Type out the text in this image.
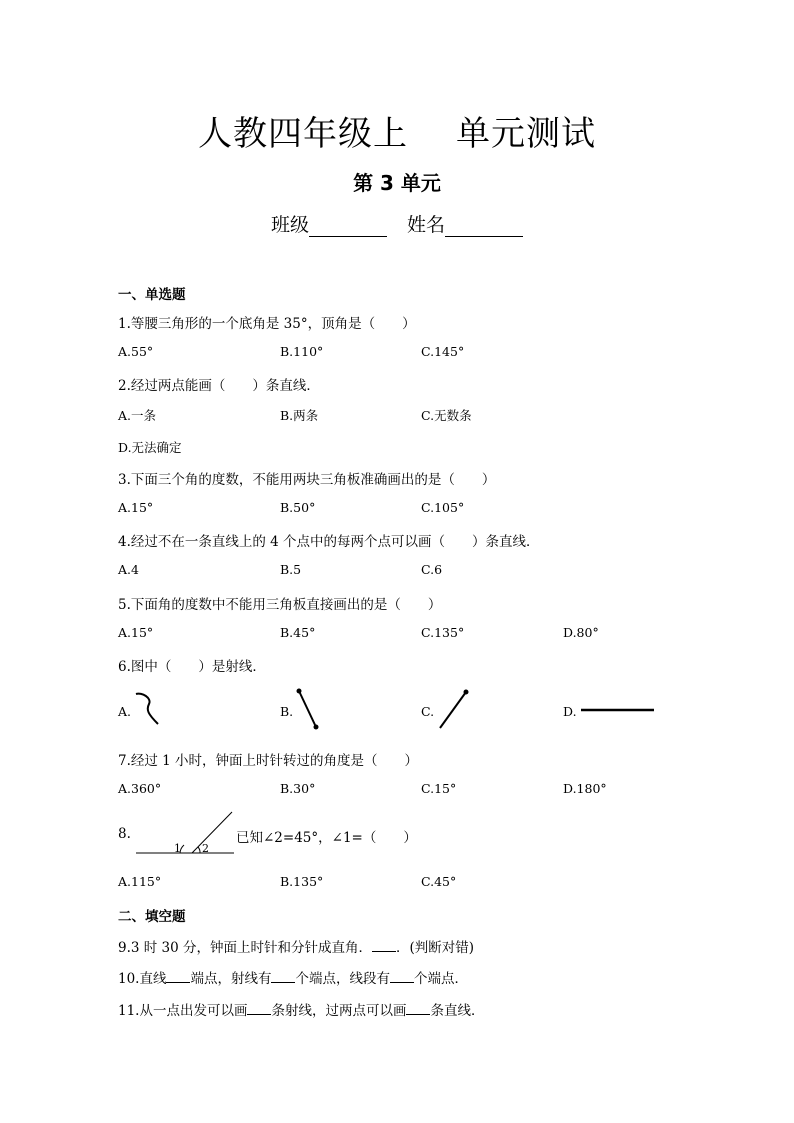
人教四年级上 单元测试
第 3 单元
班级	姓名
一、单选题
1.等腰三角形的一个底角是 35°，顶角是（　　）
A.55°	B.110°	C.145°
2.经过两点能画（　　）条直线．
A.一条	B.两条	C.无数条
D.无法确定
3.下面三个角的度数，不能用两块三角板准确画出的是（　　）
A.15°	B.50°	C.105°
4.经过不在一条直线上的 4 个点中的每两个点可以画（　　）条直线．
A.4	B.5	C.6
5.下面角的度数中不能用三角板直接画出的是（　　）
A.15°	B.45°	C.135°	D.80°
6.图中（　　）是射线．
A.	B.	C.	D.
7.经过 1 小时，钟面上时针转过的角度是（　　）
A.360°	B.30°	C.15°	D.180°
8.
1 2
已知∠2=45°，∠1=（　　）
A.115°	B.135°	C.45°
二、填空题
9.3 时 30 分，钟面上时针和分针成直角． ．(判断对错)
10.直线 端点，射线有 个端点，线段有 个端点．
11.从一点出发可以画 条射线，过两点可以画 条直线．
